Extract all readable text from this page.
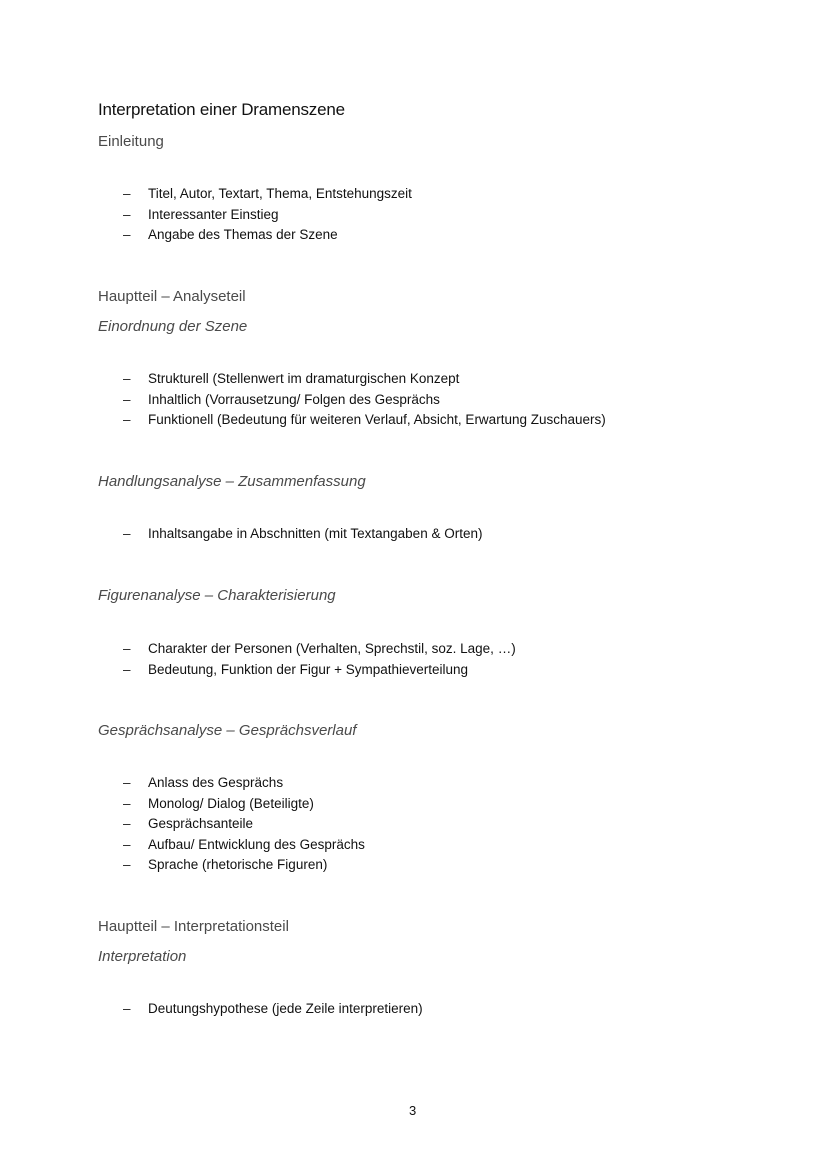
Interpretation einer Dramenszene
Einleitung
– Titel, Autor, Textart, Thema, Entstehungszeit
– Interessanter Einstieg
– Angabe des Themas der Szene
Hauptteil – Analyseteil
Einordnung der Szene
– Strukturell (Stellenwert im dramaturgischen Konzept
– Inhaltlich (Vorrausetzung/ Folgen des Gesprächs
– Funktionell (Bedeutung für weiteren Verlauf, Absicht, Erwartung Zuschauers)
Handlungsanalyse – Zusammenfassung
– Inhaltsangabe in Abschnitten (mit Textangaben & Orten)
Figurenanalyse – Charakterisierung
– Charakter der Personen (Verhalten, Sprechstil, soz. Lage, …)
– Bedeutung, Funktion der Figur + Sympathieverteilung
Gesprächsanalyse – Gesprächsverlauf
– Anlass des Gesprächs
– Monolog/ Dialog (Beteiligte)
– Gesprächsanteile
– Aufbau/ Entwicklung des Gesprächs
– Sprache (rhetorische Figuren)
Hauptteil – Interpretationsteil
Interpretation
– Deutungshypothese (jede Zeile interpretieren)
3
